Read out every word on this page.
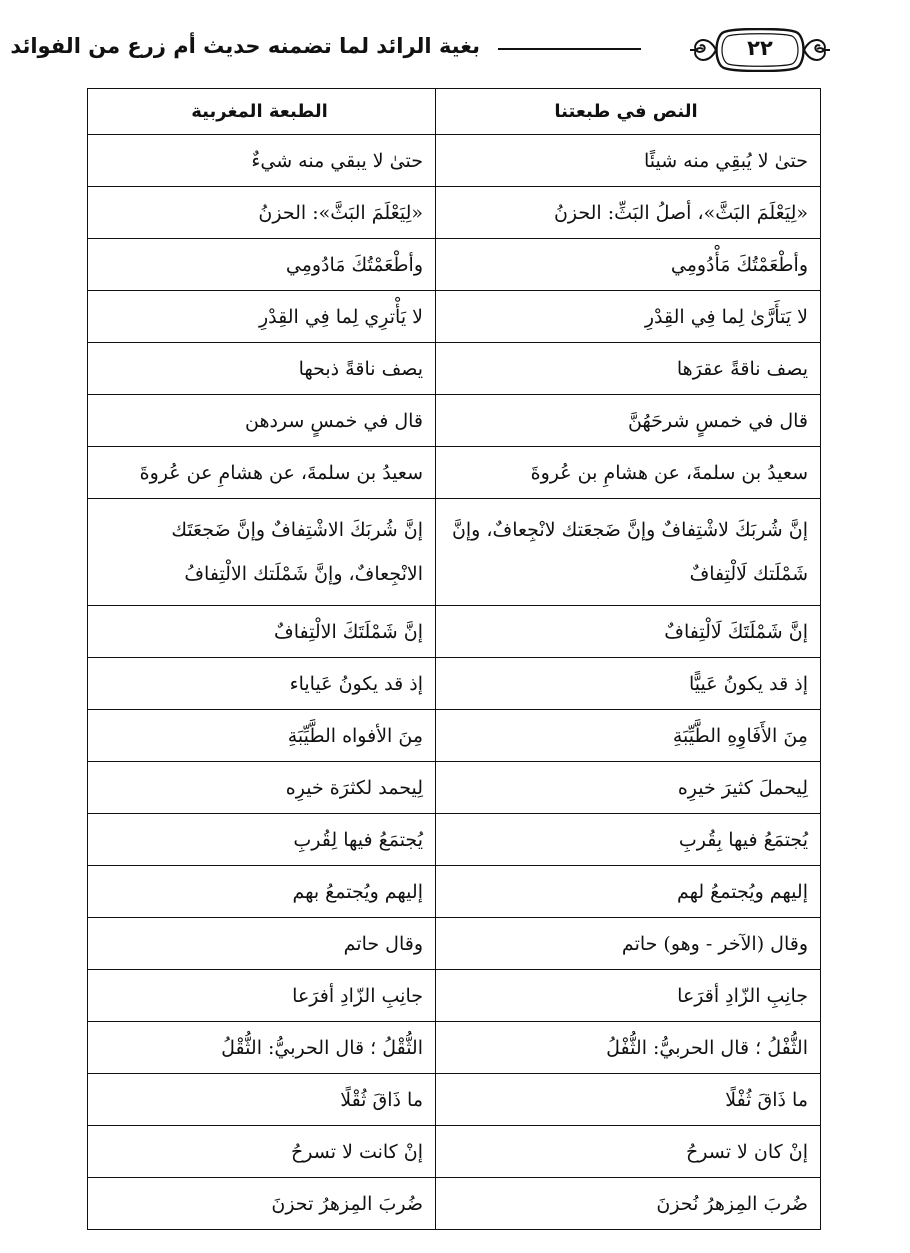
بغية الرائد لما تضمنه حديث أم زرع من الفوائد	٢٢
النص في طبعتنا	الطبعة المغربية
حتىٰ لا يُبقِي منه شيئًا	حتىٰ لا يبقي منه شيءٌ
«لِيَعْلَمَ البَثَّ»، أصلُ البَثِّ: الحزنُ	«لِيَعْلَمَ البَثَّ»: الحزنُ
وأطْعَمْتُكَ مَأْدُومِي	وأطْعَمْتُكَ مَادُومِي
لا يَتأَرَّىٰ لِما فِي القِدْرِ	لا يَأْترِي لِما فِي القِدْرِ
يصف ناقةً عقرَها	يصف ناقةً ذبحها
قال في خمسٍ شرحَهُنَّ	قال في خمسٍ سردهن
سعيدُ بن سلمةَ، عن هشامِ بن عُروةَ	سعيدُ بن سلمةَ، عن هشامِ عن عُروةَ
إنَّ شُربَكَ لاشْتِفافٌ وإنَّ ضَجعَتك لانْجِعافٌ، وإنَّ شَمْلَتك لَالْتِفافٌ	إنَّ شُربَكَ الاشْتِفافٌ وإنَّ ضَجعَتَك الانْجِعافٌ، وإنَّ شَمْلَتك الالْتِفافُ
إنَّ شَمْلَتَكَ لَالْتِفافٌ	إنَّ شَمْلَتَكَ الالْتِفافٌ
إذ قد يكونُ عَييًّا	إذ قد يكونُ عَياياء
مِنَ الأَفَاوِهِ الطَّيِّبَةِ	مِنَ الأفواه الطَّيِّبَةِ
لِيحملَ كثيرَ خيرِه	لِيحمد لكثرَة خيرِه
يُجتمَعُ فيها بِقُربِ	يُجتمَعُ فيها لِقُربِ
إليهم ويُجتمعُ لهم	إليهم ويُجتمعُ بهم
وقال (الآخر - وهو) حاتم	وقال حاتم
جانِبِ الزّادِ أقرَعا	جانِبِ الزّادِ أفرَعا
الثُّفْلُ ؛ قال الحربيُّ: الثُّفْلُ	الثُّقْلُ ؛ قال الحربيُّ: الثُّقْلُ
ما ذَاقَ ثُفْلًا	ما ذَاقَ ثُقْلًا
إنْ كان لا تسرحُ	إنْ كانت لا تسرحُ
ضُربَ المِزهرُ نُحزنَ	ضُربَ المِزهرُ تحزنَ
